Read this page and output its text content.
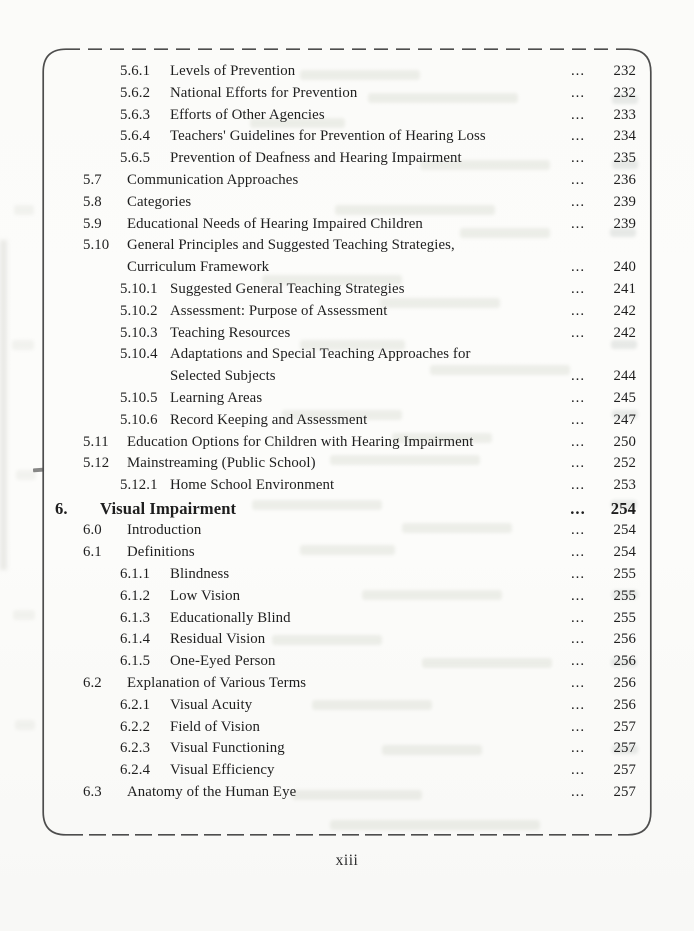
5.6.1	Levels of Prevention	...	232
5.6.2	National Efforts for Prevention	...	232
5.6.3	Efforts of Other Agencies	...	233
5.6.4	Teachers' Guidelines for Prevention of Hearing Loss	...	234
5.6.5	Prevention of Deafness and Hearing Impairment	...	235
5.7	Communication Approaches	...	236
5.8	Categories	...	239
5.9	Educational Needs of Hearing Impaired Children	...	239
5.10	General Principles and Suggested Teaching Strategies,
Curriculum Framework	...	240
5.10.1 Suggested General Teaching Strategies	...	241
5.10.2 Assessment: Purpose of Assessment	...	242
5.10.3 Teaching Resources	...	242
5.10.4 Adaptations and Special Teaching Approaches for
Selected Subjects	...	244
5.10.5 Learning Areas	...	245
5.10.6 Record Keeping and Assessment	...	247
5.11	Education Options for Children with Hearing Impairment	...	250
5.12	Mainstreaming (Public School)	...	252
5.12.1 Home School Environment	...	253
6.	Visual Impairment	...	254
6.0	Introduction	...	254
6.1	Definitions	...	254
6.1.1	Blindness	...	255
6.1.2	Low Vision	...	255
6.1.3	Educationally Blind	...	255
6.1.4	Residual Vision	...	256
6.1.5	One-Eyed Person	...	256
6.2	Explanation of Various Terms	...	256
6.2.1	Visual Acuity	...	256
6.2.2	Field of Vision	...	257
6.2.3	Visual Functioning	...	257
6.2.4	Visual Efficiency	...	257
6.3	Anatomy of the Human Eye	...	257
xiii
